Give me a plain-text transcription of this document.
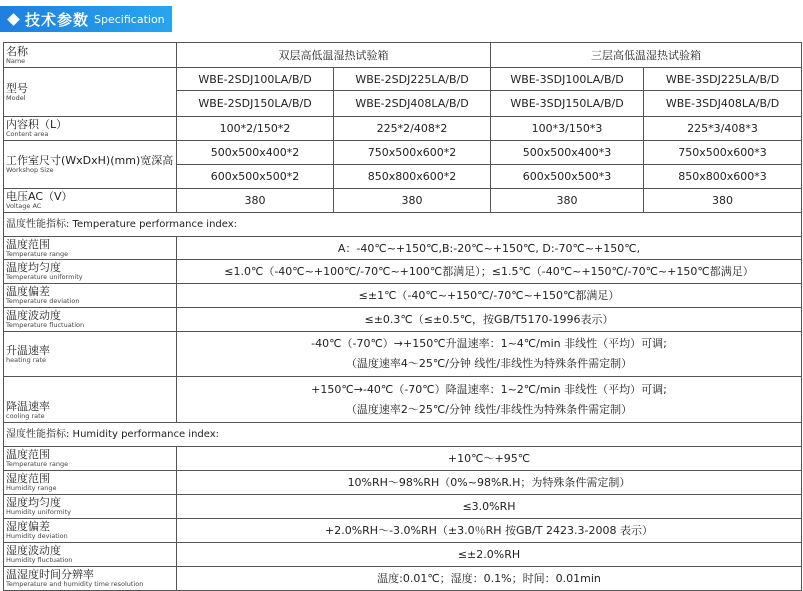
技术参数 Specification
名称
Name	双层高低温湿热试验箱		三层高低温湿热试验箱	

型号
Model	WBE-2SDJ100LA/B/D	WBE-2SDJ225LA/B/D	WBE-3SDJ100LA/B/D	WBE-3SDJ225LA/B/D
	WBE-2SDJ150LA/B/D	WBE-2SDJ408LA/B/D	WBE-3SDJ150LA/B/D	WBE-3SDJ408LA/B/D

内容积（L）
Content area	100*2/150*2	225*2/408*2	100*3/150*3	225*3/408*3

工作室尺寸(WxDxH)(mm)宽深高
Workshop Size	500x500x400*2	750x500x600*2	500x500x400*3	750x500x600*3
	600x500x500*2	850x800x600*2	600x500x500*3	850x800x600*3

电压AC（V）
Voltage AC	380	380	380	380
温度性能指标: Temperature performance index:				

温度范围
Temperature range	A：-40℃~+150℃,B:-20℃~+150℃, D:-70℃~+150℃,			

温度均匀度
Temperature uniformity	≤1.0℃（-40℃~+100℃/-70℃~+100℃都满足）；≤1.5℃（-40℃~+150℃/-70℃~+150℃都满足）			

温度偏差
Temperature deviation	≤±1℃（-40℃~+150℃/-70℃~+150℃都满足）			

温度波动度
Temperature fluctuation	≤±0.3℃（≤±0.5℃，按GB/T5170-1996表示）			

升温速率
heating rate	-40℃（-70℃）→+150℃升温速率：1~4℃/min 非线性（平均）可调;
（温度速率4～25℃/分钟 线性/非线性为特殊条件需定制）			

降温速率
cooling rate	+150℃→-40℃（-70℃）降温速率：1~2℃/min 非线性（平均）可调;
（温度速率2～25℃/分钟 线性/非线性为特殊条件需定制）			

湿度性能指标: Humidity performance index:				

温度范围
Temperature range	+10℃～+95℃			

湿度范围
Humidity range	10%RH～98%RH（0%~98%R.H；为特殊条件需定制）			

湿度均匀度
Humidity uniformity	≤3.0%RH			

湿度偏差
Humidity deviation	+2.0%RH～-3.0%RH（±3.0％RH 按GB/T 2423.3-2008 表示）			

湿度波动度
Humidity fluctuation	≤±2.0%RH			

温湿度时间分辨率
Temperature and humidity time resolution	温度:0.01℃；湿度：0.1%；时间：0.01min			
